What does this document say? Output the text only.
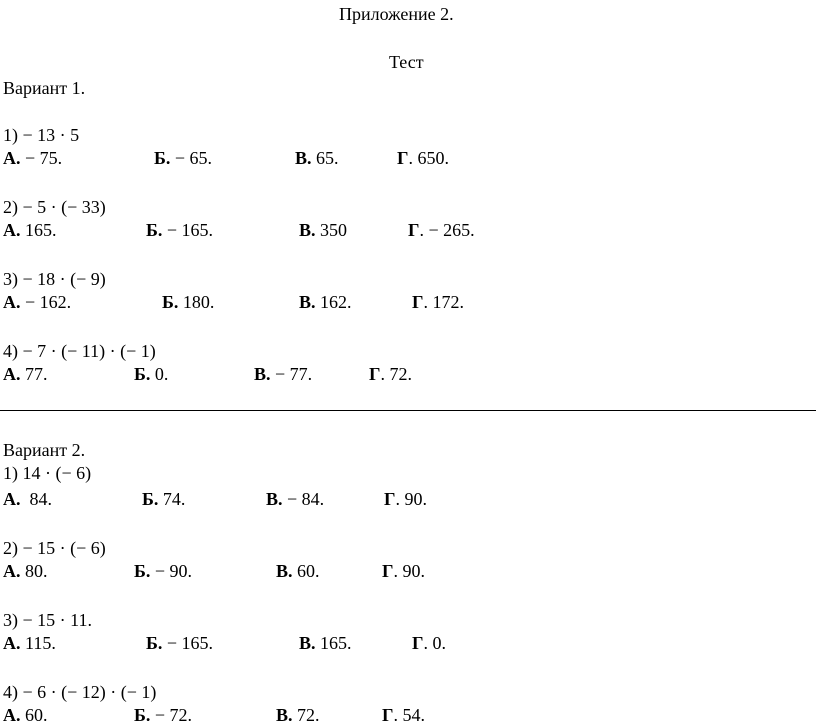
Приложение 2.
Тест
Вариант 1.
1) − 13 · 5
А. − 75.	Б. − 65.	В. 65.	Г. 650.
2) − 5 · (− 33)
А. 165.	Б. − 165.	В. 350	Г. − 265.
3) − 18 · (− 9)
А. − 162.	Б. 180.	В. 162.	Г. 172.
4) − 7 · (− 11) · (− 1)
А. 77.	Б. 0.	В. − 77.	Г. 72.
Вариант 2.
1) 14 · (− 6)
А. 84.	Б. 74.	В. − 84.	Г. 90.
2) − 15 · (− 6)
А. 80.	Б. − 90.	В. 60.	Г. 90.
3) − 15 · 11.
А. 115.	Б. − 165.	В. 165.	Г. 0.
4) − 6 · (− 12) · (− 1)
А. 60.	Б. − 72.	В. 72.	Г. 54.
